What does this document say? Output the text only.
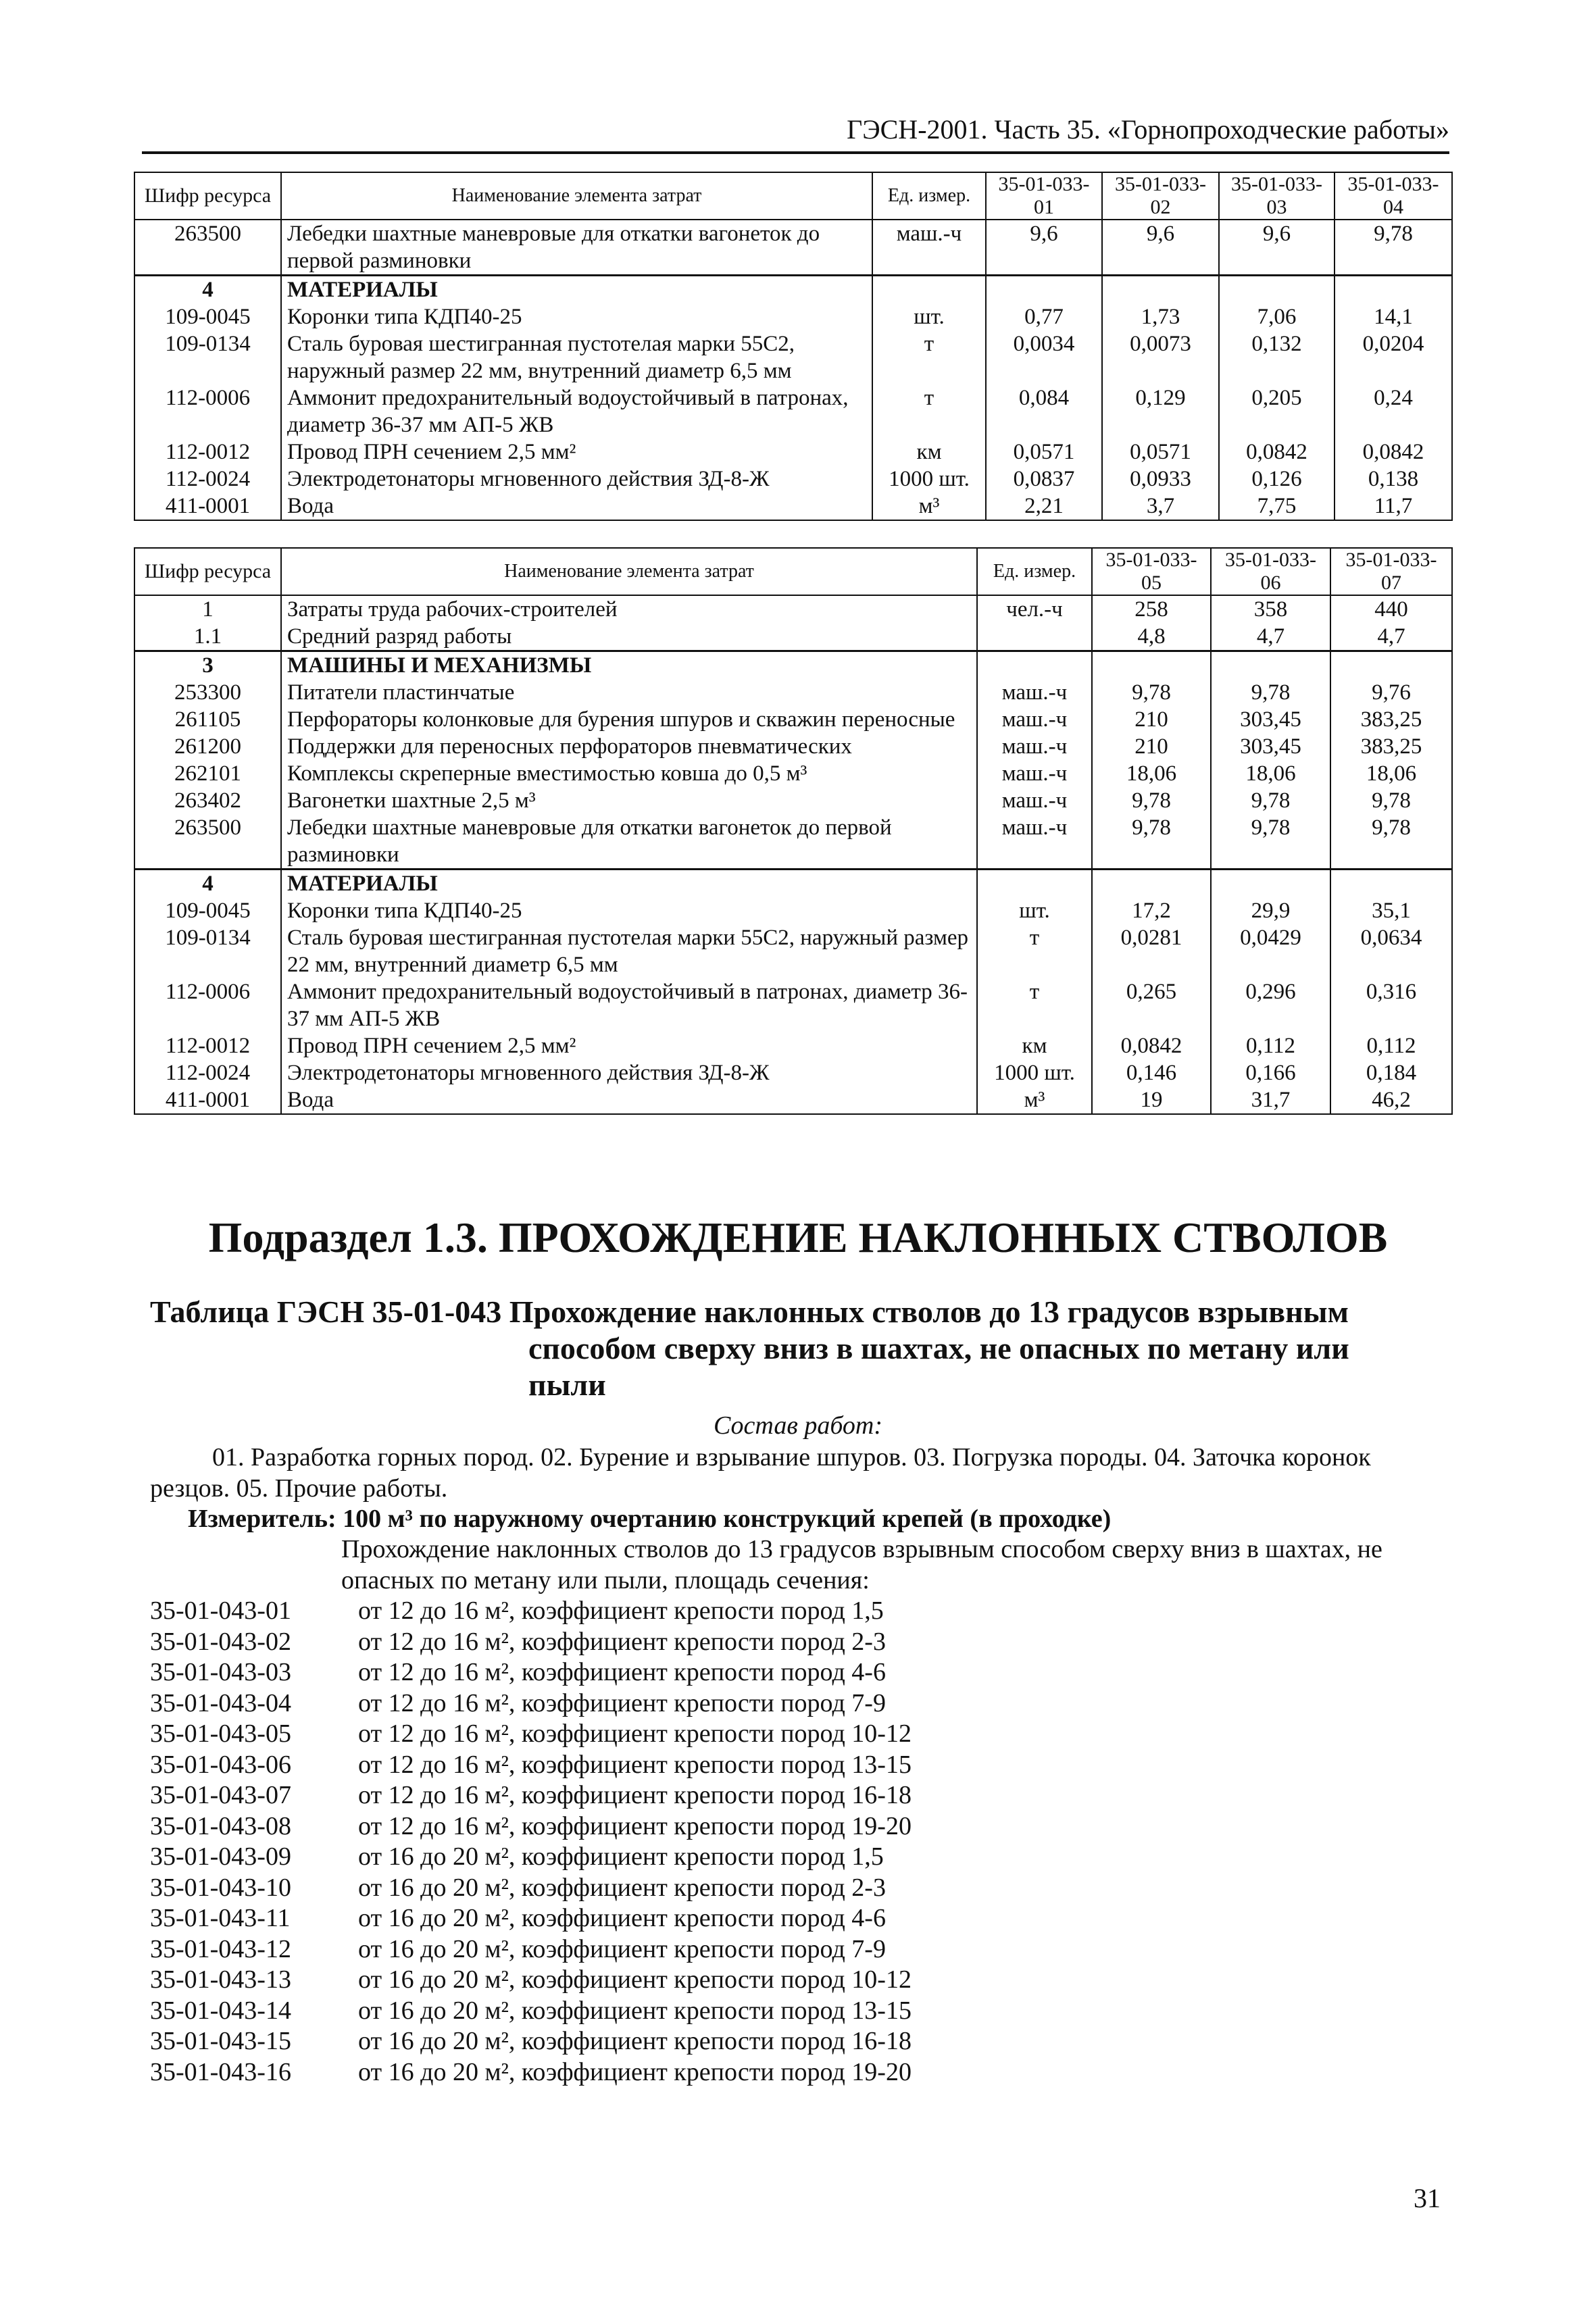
ГЭСН-2001. Часть 35. «Горнопроходческие работы»
Шифр ресурса	Наименование элемента затрат	Ед. измер.	35-01-033-01	35-01-033-02	35-01-033-03	35-01-033-04
263500	Лебедки шахтные маневровые для откатки вагонеток до первой разминовки	маш.-ч	9,6	9,6	9,6	9,78
4	МАТЕРИАЛЫ					
109-0045	Коронки типа КДП40-25	шт.	0,77	1,73	7,06	14,1
109-0134	Сталь буровая шестигранная пустотелая марки 55С2, наружный размер 22 мм, внутренний диаметр 6,5 мм	т	0,0034	0,0073	0,132	0,0204
112-0006	Аммонит предохранительный водоустойчивый в патронах, диаметр 36-37 мм АП-5 ЖВ	т	0,084	0,129	0,205	0,24
112-0012	Провод ПРН сечением 2,5 мм²	км	0,0571	0,0571	0,0842	0,0842
112-0024	Электродетонаторы мгновенного действия ЗД-8-Ж	1000 шт.	0,0837	0,0933	0,126	0,138
411-0001	Вода	м³	2,21	3,7	7,75	11,7
Шифр ресурса	Наименование элемента затрат	Ед. измер.	35-01-033-05	35-01-033-06	35-01-033-07
1	Затраты труда рабочих-строителей	чел.-ч	258	358	440
1.1	Средний разряд работы		4,8	4,7	4,7
3	МАШИНЫ И МЕХАНИЗМЫ				
253300	Питатели пластинчатые	маш.-ч	9,78	9,78	9,76
261105	Перфораторы колонковые для бурения шпуров и скважин переносные	маш.-ч	210	303,45	383,25
261200	Поддержки для переносных перфораторов пневматических	маш.-ч	210	303,45	383,25
262101	Комплексы скреперные вместимостью ковша до 0,5 м³	маш.-ч	18,06	18,06	18,06
263402	Вагонетки шахтные 2,5 м³	маш.-ч	9,78	9,78	9,78
263500	Лебедки шахтные маневровые для откатки вагонеток до первой разминовки	маш.-ч	9,78	9,78	9,78
4	МАТЕРИАЛЫ				
109-0045	Коронки типа КДП40-25	шт.	17,2	29,9	35,1
109-0134	Сталь буровая шестигранная пустотелая марки 55С2, наружный размер 22 мм, внутренний диаметр 6,5 мм	т	0,0281	0,0429	0,0634
112-0006	Аммонит предохранительный водоустойчивый в патронах, диаметр 36-37 мм АП-5 ЖВ	т	0,265	0,296	0,316
112-0012	Провод ПРН сечением 2,5 мм²	км	0,0842	0,112	0,112
112-0024	Электродетонаторы мгновенного действия ЗД-8-Ж	1000 шт.	0,146	0,166	0,184
411-0001	Вода	м³	19	31,7	46,2
Подраздел 1.3. ПРОХОЖДЕНИЕ НАКЛОННЫХ СТВОЛОВ
Таблица ГЭСН 35-01-043 Прохождение наклонных стволов до 13 градусов взрывным
способом сверху вниз в шахтах, не опасных по метану или
пыли
Состав работ:
01. Разработка горных пород. 02. Бурение и взрывание шпуров. 03. Погрузка породы. 04. Заточка коронок резцов. 05. Прочие работы.
Измеритель: 100 м³ по наружному очертанию конструкций крепей (в проходке)
Прохождение наклонных стволов до 13 градусов взрывным способом сверху вниз в шахтах, не опасных по метану или пыли, площадь сечения:
35-01-043-01	от 12 до 16 м², коэффициент крепости пород 1,5
35-01-043-02	от 12 до 16 м², коэффициент крепости пород 2-3
35-01-043-03	от 12 до 16 м², коэффициент крепости пород 4-6
35-01-043-04	от 12 до 16 м², коэффициент крепости пород 7-9
35-01-043-05	от 12 до 16 м², коэффициент крепости пород 10-12
35-01-043-06	от 12 до 16 м², коэффициент крепости пород 13-15
35-01-043-07	от 12 до 16 м², коэффициент крепости пород 16-18
35-01-043-08	от 12 до 16 м², коэффициент крепости пород 19-20
35-01-043-09	от 16 до 20 м², коэффициент крепости пород 1,5
35-01-043-10	от 16 до 20 м², коэффициент крепости пород 2-3
35-01-043-11	от 16 до 20 м², коэффициент крепости пород 4-6
35-01-043-12	от 16 до 20 м², коэффициент крепости пород 7-9
35-01-043-13	от 16 до 20 м², коэффициент крепости пород 10-12
35-01-043-14	от 16 до 20 м², коэффициент крепости пород 13-15
35-01-043-15	от 16 до 20 м², коэффициент крепости пород 16-18
35-01-043-16	от 16 до 20 м², коэффициент крепости пород 19-20
31
